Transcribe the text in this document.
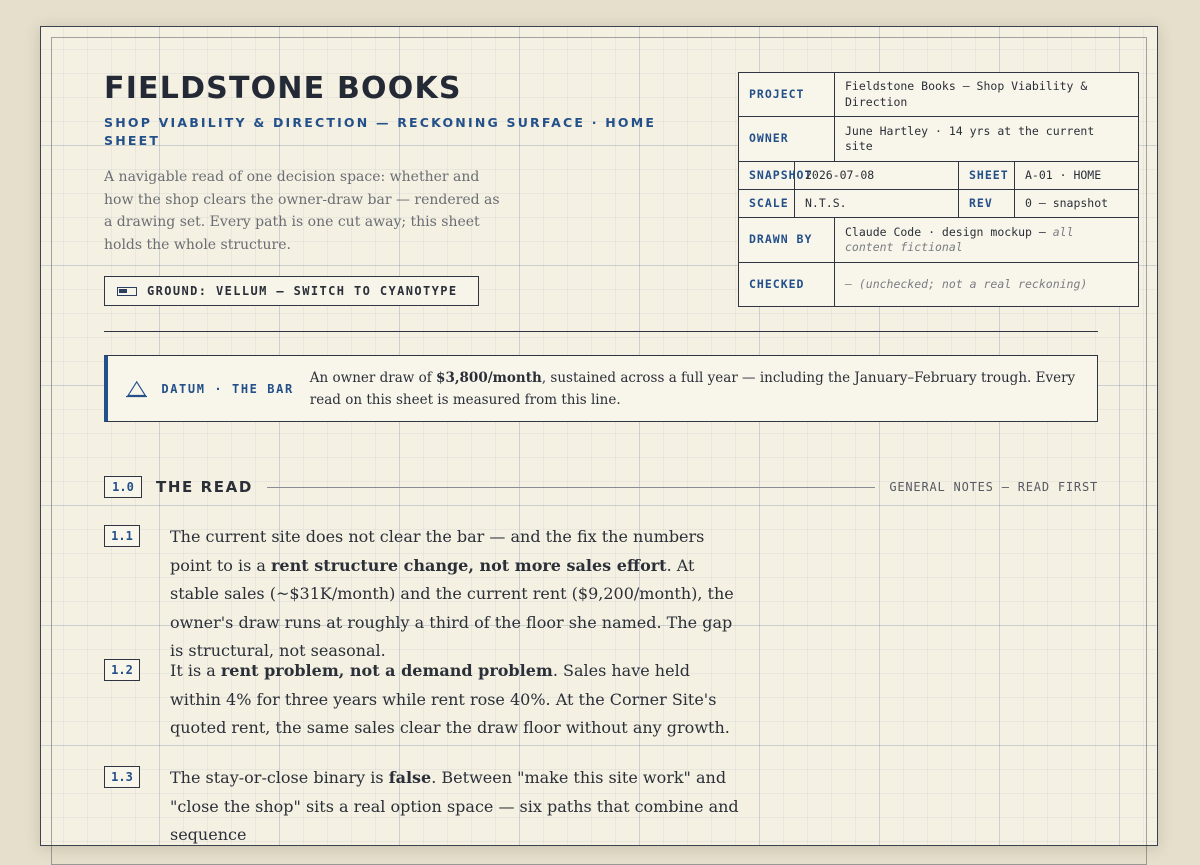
FIELDSTONE BOOKS
SHOP VIABILITY & DIRECTION — RECKONING SURFACE · HOME SHEET
A navigable read of one decision space: whether and how the shop clears the owner-draw bar — rendered as a drawing set. Every path is one cut away; this sheet holds the whole structure.
GROUND: VELLUM — SWITCH TO CYANOTYPE
PROJECT		Fieldstone Books — Shop Viability & Direction		
OWNER		June Hartley · 14 yrs at the current site		
SNAPSHOT	2026-07-08		SHEET	A-01 · HOME
SCALE	N.T.S.		REV	0 — snapshot
DRAWN BY		Claude Code · design mockup — all content fictional		
CHECKED		— (unchecked; not a real reckoning)		
DATUM · THE BAR
An owner draw of $3,800/month, sustained across a full year — including the January–February trough. Every read on this sheet is measured from this line.
1.0	THE READ	GENERAL NOTES — READ FIRST
1.1	The current site does not clear the bar — and the fix the numbers point to is a rent structure change, not more sales effort. At stable sales (~$31K/month) and the current rent ($9,200/month), the owner's draw runs at roughly a third of the floor she named. The gap is structural, not seasonal.
1.2	It is a rent problem, not a demand problem. Sales have held within 4% for three years while rent rose 40%. At the Corner Site's quoted rent, the same sales clear the draw floor without any growth.
1.3	The stay-or-close binary is false. Between "make this site work" and "close the shop" sits a real option space — six paths that combine and sequence
